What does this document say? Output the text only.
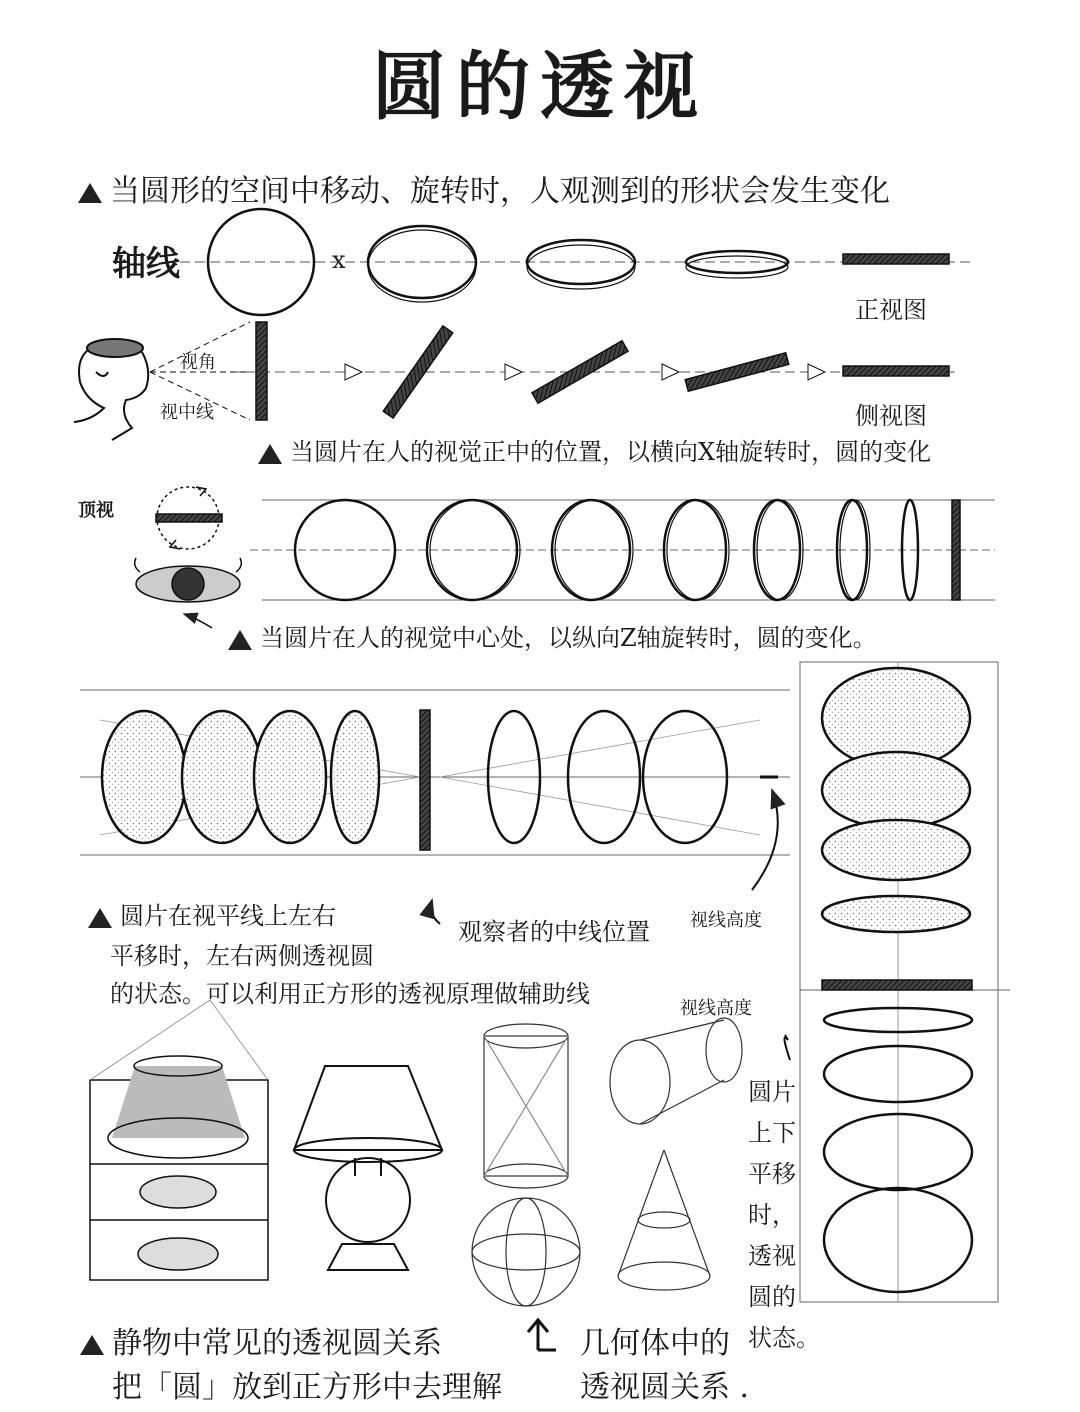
圆的透视
当圆形的空间中移动、旋转时，人观测到的形状会发生变化
轴线	x
正视图
侧视图
视角
视中线
当圆片在人的视觉正中的位置，以横向X轴旋转时，圆的变化
顶视
当圆片在人的视觉中心处，以纵向Z轴旋转时，圆的变化。
圆片在视平线上左右
平移时，左右两侧透视圆
的状态。可以利用正方形的透视原理做辅助线
观察者的中线位置 视线高度
视线高度
圆片
上下
平移
时，
透视
圆的
状态。
静物中常见的透视圆关系
把「圆」放到正方形中去理解
几何体中的
透视圆关系 .
